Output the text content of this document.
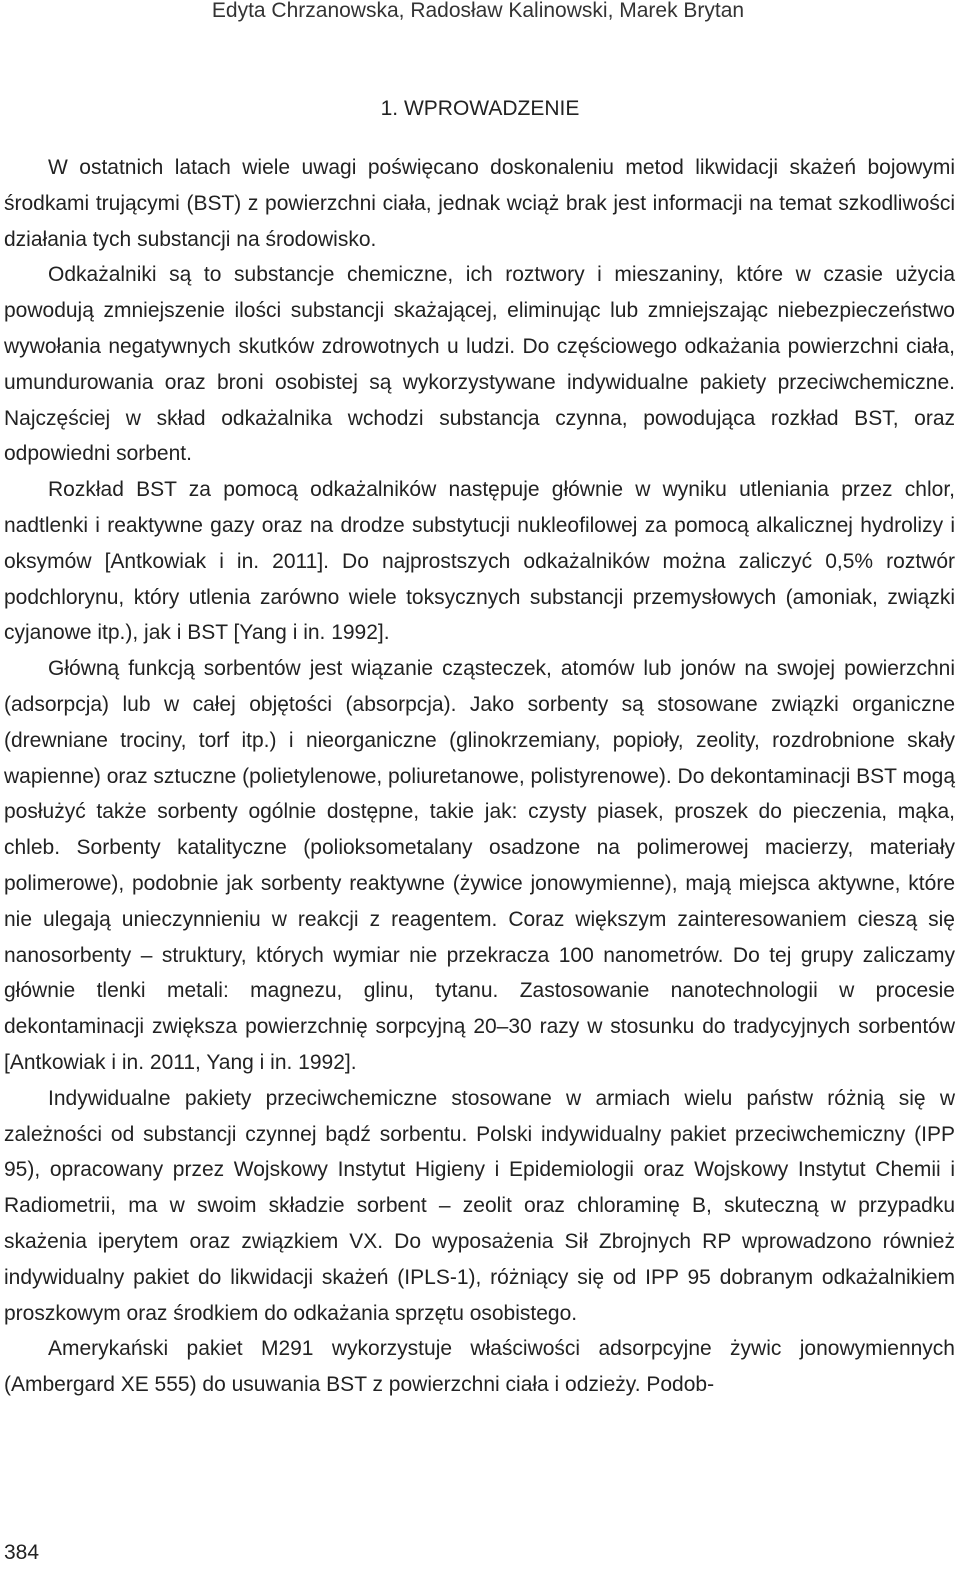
Edyta Chrzanowska, Radosław Kalinowski, Marek Brytan
1. WPROWADZENIE

W ostatnich latach wiele uwagi poświęcano doskonaleniu metod likwidacji skażeń bojowymi środkami trującymi (BST) z powierzchni ciała, jednak wciąż brak jest informacji na temat szkodliwości działania tych substancji na środowisko.

Odkażalniki są to substancje chemiczne, ich roztwory i mieszaniny, które w czasie użycia powodują zmniejszenie ilości substancji skażającej, eliminując lub zmniejszając niebezpieczeństwo wywołania negatywnych skutków zdrowotnych u ludzi. Do częściowego odkażania powierzchni ciała, umundurowania oraz broni osobistej są wykorzystywane indywidualne pakiety przeciwchemiczne. Najczęściej w skład odkażalnika wchodzi substancja czynna, powodująca rozkład BST, oraz odpowiedni sorbent.

Rozkład BST za pomocą odkażalników następuje głównie w wyniku utleniania przez chlor, nadtlenki i reaktywne gazy oraz na drodze substytucji nukleofilowej za pomocą alkalicznej hydrolizy i oksymów [Antkowiak i in. 2011]. Do najprostszych odkażalników można zaliczyć 0,5% roztwór podchlorynu, który utlenia zarówno wiele toksycznych substancji przemysłowych (amoniak, związki cyjanowe itp.), jak i BST [Yang i in. 1992].

Główną funkcją sorbentów jest wiązanie cząsteczek, atomów lub jonów na swojej powierzchni (adsorpcja) lub w całej objętości (absorpcja). Jako sorbenty są stosowane związki organiczne (drewniane trociny, torf itp.) i nieorganiczne (glinokrzemiany, popioły, zeolity, rozdrobnione skały wapienne) oraz sztuczne (polietylenowe, poliuretanowe, polistyrenowe). Do dekontaminacji BST mogą posłużyć także sorbenty ogólnie dostępne, takie jak: czysty piasek, proszek do pieczenia, mąka, chleb. Sorbenty katalityczne (polioksometalany osadzone na polimerowej macierzy, materiały polimerowe), podobnie jak sorbenty reaktywne (żywice jonowymienne), mają miejsca aktywne, które nie ulegają unieczynnieniu w reakcji z reagentem. Coraz większym zainteresowaniem cieszą się nanosorbenty – struktury, których wymiar nie przekracza 100 nanometrów. Do tej grupy zaliczamy głównie tlenki metali: magnezu, glinu, tytanu. Zastosowanie nanotechnologii w procesie dekontaminacji zwiększa powierzchnię sorpcyjną 20–30 razy w stosunku do tradycyjnych sorbentów [Antkowiak i in. 2011, Yang i in. 1992].

Indywidualne pakiety przeciwchemiczne stosowane w armiach wielu państw różnią się w zależności od substancji czynnej bądź sorbentu. Polski indywidualny pakiet przeciwchemiczny (IPP 95), opracowany przez Wojskowy Instytut Higieny i Epidemiologii oraz Wojskowy Instytut Chemii i Radiometrii, ma w swoim składzie sorbent – zeolit oraz chloraminę B, skuteczną w przypadku skażenia iperytem oraz związkiem VX. Do wyposażenia Sił Zbrojnych RP wprowadzono również indywidualny pakiet do likwidacji skażeń (IPLS-1), różniący się od IPP 95 dobranym odkażalnikiem proszkowym oraz środkiem do odkażania sprzętu osobistego.

Amerykański pakiet M291 wykorzystuje właściwości adsorpcyjne żywic jonowymiennych (Ambergard XE 555) do usuwania BST z powierzchni ciała i odzieży. Podob-

384
